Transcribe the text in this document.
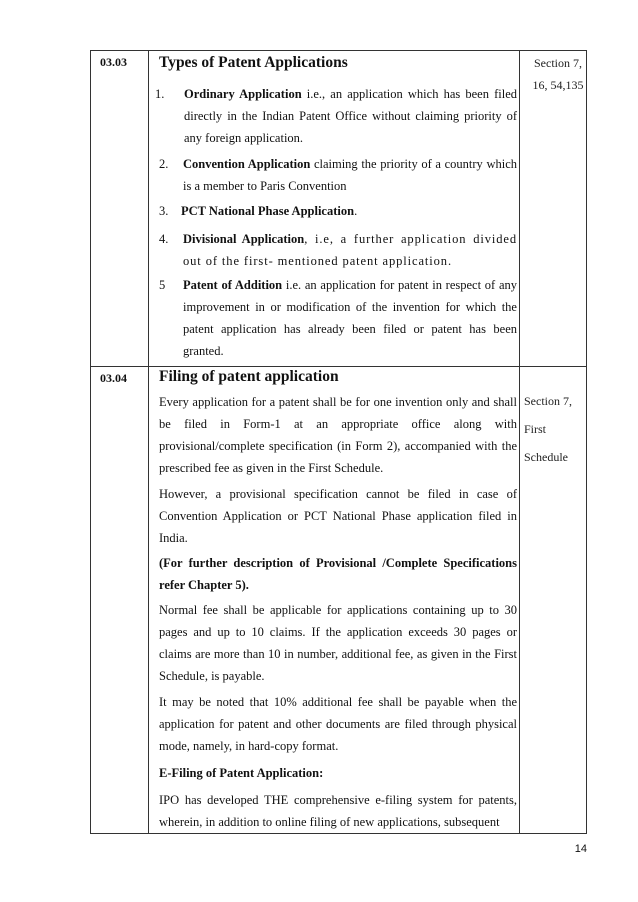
03.03 Types of Patent Applications	Section 7,
16, 54,135
1. Ordinary Application i.e., an application which has been filed directly in the Indian Patent Office without claiming priority of any foreign application.
2. Convention Application claiming the priority of a country which is a member to Paris Convention
3. PCT National Phase Application.
4. Divisional Application, i.e, a further application divided out of the first- mentioned patent application.
5 Patent of Addition i.e. an application for patent in respect of any improvement in or modification of the invention for which the patent application has already been filed or patent has been granted.
03.04 Filing of patent application
Section 7,
First
Schedule
Every application for a patent shall be for one invention only and shall be filed in Form-1 at an appropriate office along with provisional/complete specification (in Form 2), accompanied with the prescribed fee as given in the First Schedule.
However, a provisional specification cannot be filed in case of Convention Application or PCT National Phase application filed in India.
(For further description of Provisional /Complete Specifications refer Chapter 5).
Normal fee shall be applicable for applications containing up to 30 pages and up to 10 claims. If the application exceeds 30 pages or claims are more than 10 in number, additional fee, as given in the First Schedule, is payable.
It may be noted that 10% additional fee shall be payable when the application for patent and other documents are filed through physical mode, namely, in hard-copy format.
E-Filing of Patent Application:
IPO has developed THE comprehensive e-filing system for patents, wherein, in addition to online filing of new applications, subsequent
14
